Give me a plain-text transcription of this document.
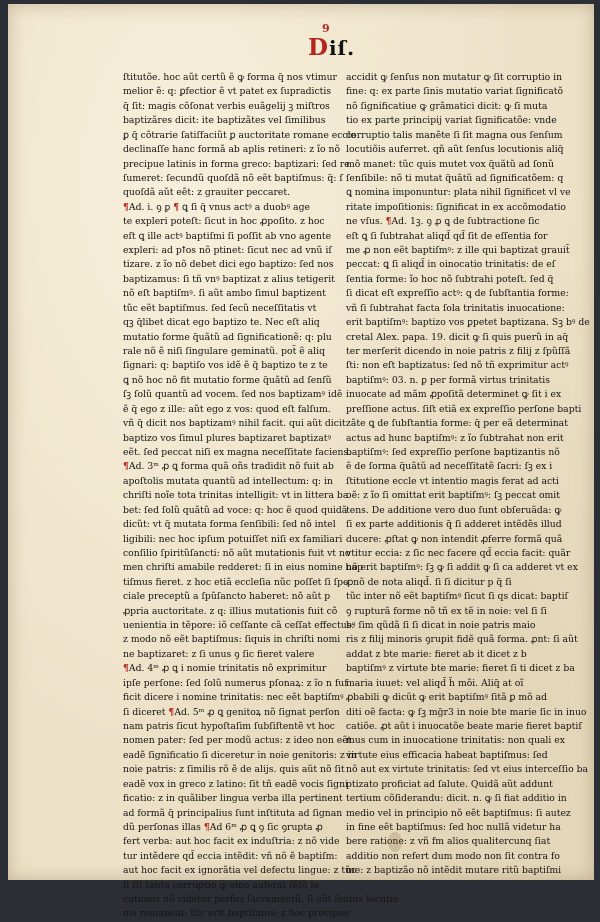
9
Diſ.
ſtitutõe. hoc aũt certũ ẽ ꝙ forma q̃ nos vtimur
melior ẽ: q: ꝑfectior ẽ vt patet ex ſupradictis
q̃ ſit: magis cõſonat verbis euãgelij ꝫ miſtros
baptizãres dicit: ite baptizãtes vel ſimilibus
ꝑ q̃ cõtrarie ſatiſfaciũt ꝑ auctoritate romane eccle
declinaſſe hanc formã ab aplis retineri: z ĩo nõ
precipue latinis in forma greco: baptizari: ſed re
ſumeret: ſecundũ quoſdã nõ eẽt baptiſmus: q̃: ſ
quoſdã aũt eẽt: z grauiter peccaret.
¶Ad. i. ꝯ ꝑ ¶ ꝗ ſi q̃ vnus actꝰ a duobꝰ age
te expleri poteſt: ſicut in hoc ꝓpoſito. z hoc
eſt ꝗ ille actꝰ baptiſmi ſi poſſit ab vno agente
expleri: ad pꝉos nõ ptinet: ſicut nec ad vnũ iſ
tizare. z ĩo nõ debet dici ego baptizo: ſed nos
baptizamus: ſi tñ vnꝰ baptizat z alius tetigerit
nõ eſt baptiſmꝰ. ſi aũt ambo ſimul baptizent
tũc eẽt baptiſmus. ſed ſecũ neceſſitatis vt
qꝫ q̃libet dicat ego baptizo te. Nec eſt aliq
mutatio forme q̃uãtũ ad ſignificationẽ: q: plu
rale nõ ẽ niſi ſingulare geminatũ. pot̃ ẽ aliq
ſignari: q: baptiſo vos idẽ ẽ q̃ baptizo te z te
ꝗ nõ hoc nõ fit mutatio forme q̃uãtũ ad ſenſũ
ſꝫ ſolũ quantũ ad vocem. ſed nos baptizamꝰ idẽ
ẽ q̃ ego z ille: aũt ego z vos: quod eſt falſum.
vñ q̃ dicit nos baptizamꝰ nihil facit. qui aũt dicit
baptizo vos ſimul plures baptizaret baptizatꝰ
eẽt. ſed peccat niſi ex magna neceſſitate faciens.
¶Ad. 3ᵐ ꝓ ꝗ forma quã oñs tradidit nõ fuit ab
apoſtolis mutata quantũ ad intellectum: q: in
chriſti noĩe tota trinitas intelligit: vt in littera ba
bet: ſed ſolũ quãtũ ad voce: q: hoc ẽ quod quidã
dicũt: vt q̃ mutata forma ſenſibili: ſed nõ intel
ligibili: nec hoc ipſum potuiſſet niſi ex familiari
conſilio ſpiritũſancti: nõ aũt mutationis fuit vt no
men chriſti amabile redderet: ſi in eius nomine bap
tiſmus fieret. z hoc etiã eccleſia nũc poſſet ſi ſpe
ciale preceptũ a ſpũſancto haberet: nõ aũt p
ꝓpria auctoritate. z q: illius mutationis fuit cõ
uenientia in tẽpore: iõ ceſſante cã ceſſat effectus:
z modo nõ eẽt baptiſmus: ſiquis in chriſti nomi
ne baptizaret: z ſi unus ꝯ ſic fieret valere
¶Ad. 4ᵐ ꝓ ꝗ i nomie trinitatis nõ exprimitur
ipſe perſone: ſed ſolũ numerus pſonaꝝ: z ĩo n fuf
ficit dicere i nomine trinitatis: nec eẽt baptiſmꝰ
ſi diceret ¶Ad. 5ᵐ ꝓ ꝗ genitoꝝ nõ ſignat perſon
nam patris ſicut hypoſtaſim ſubſiſtentẽ vt hoc
nomen pater: ſed per modũ actus: z ideo non eẽt
eadẽ ſignificatio ſi diceretur in noie genitoris: z in
noie patris: z ſimilis rõ ẽ de alijs. quis aũt nõ ſit
eadẽ vox in greco z latino: ſit tñ eadẽ vocis ſigni
ficatio: z in quãliber lingua verba illa pertinent
ad formã q̃ principalius ſunt inſtituta ad ſignan
dũ perſonas illas ¶Ad 6ᵐ ꝓ ꝗ ꝯ ſic ꝯrupta ꝓ
fert verba: aut hoc facit ex induſtria: z nõ vide
tur intẽdere qd̃ eccia intẽdit: vñ nõ ẽ baptiſm:
aut hoc facit ex ignorãtia vel defectu lingue: z tũc
ſi ſit tanta corruptio ꝙ oino auferat ſẽſũ lo
cutionis nõ videtur perfici ſacramentũ. ſi aũt ſenſus locutio
nis remaneat: tũc erit baptiſmus: z hoc precipue
accidit ꝙ ſenſus non mutatur ꝙ ſit corruptio in
fine: q: ex parte ſinis mutatio variat ſignificatõ
nõ ſignificatiue ꝙ grãmatici dicit: ꝙ ſi muta
tio ex parte principij variat ſignificatõe: vnde
corruptio talis manẽte ſi ſit magna ous ſenſum
locutiõis auferret. qñ aũt ſenſus locutionis aliq̃
mõ manet: tũc quis mutet vox q̃uãtũ ad ſonũ
ſenſibile: nõ ti mutat q̃uãtũ ad ſignificatõem: q
ꝗ nomina imponuntur: plata nihil ſignificet vl ve
ritate impoſitionis: ſignificat in ex accõmodatio
ne vſus. ¶Ad. 1ꝫ. ꝯ ꝓ ꝗ de ſubtractione ſic
eſt ꝗ ſi ſubtrahat aliqd̃ qd̃ ſit de eſſentia for
me ꝓ non eẽt baptiſmꝰ: z ille qui baptizat grauit̃
peccat: ꝗ ſi aliqd̃ in oinocatio trinitatis: de eſ
ſentia forme: ĩo hoc nõ ſubtrahi poteſt. ſed q̃
ſi dicat eſt expreſſio actꝰ: ꝗ de ſubſtantia forme:
vñ ſi ſubtrahat facta ſola trinitatis inuocatione:
erit baptiſmꝰ: baptizo vos ꝑpetet baptizana. Sꝫ bꝰ de
cretal Alex. papa. 19. dicit ꝙ ſi quis puerũ in aq̃
ter merſerit dicendo in noie patris z filij z ſpũſſã
ſti: non eſt baptizatus: ſed nõ tñ exprimitur actꝰ
baptiſmꝰ: 03. n. ꝑ per formã virtus trinitatis
inuocate ad mãm ꝓpoſitã determinet ꝙ ſit i ex
preſſione actus. ſiſt etiã ex expreſſio perſone bapti
zãte ꝗ de ſubſtantia forme: q̃ per eã determinat
actus ad hunc baptiſmꝰ: z ĩo ſubtrahat non erit
baptiſmꝰ: ſed expreſſio perſone baptizantis nõ
ẽ de ſorma q̃uãtũ ad neceſſitatẽ ſacri: ſꝫ ex i
ſtitutione eccle vt intentio magis ferat ad acti
oẽ: z ĩo ſi omittat erit baptiſmꝰ: ſꝫ peccat omit
tens. De additione vero duo ſunt obſeruãda: ꝙ
ſi ex parte additionis q̃ ſi adderet intẽdẽs illud
ducere: ꝓſtat ꝙ non intendit ꝓferre formã quã
vtitur eccia: z ſic nec facere qd̃ eccia facit: quãr
nõ erit baptiſmꝰ: ſꝫ ꝙ ſi addit ꝙ ſi ca adderet vt ex
ꝓnõ de nota aliqd̃. ſi ſi dicitur p q̃ ſi
tũc inter nõ eẽt baptiſmꝰ ſicut ſi qs dicat: baptiſ
ꝯ rupturã forme nõ tñ ex tẽ in noie: vel ſi ſi
bꝰ ſim qũdã ſi ſi dicat in noie patris maio
ris z filij minoris ꝯrupit fidẽ quã forma. ꝓnt: ſi aũt
addat z bte marie: fieret ab it dicet z b
baptiſmꝰ z virtute bte marie: fieret ſi ti dicet z ba
maria iuuet: vel aliqd̃ h̃ mõi. Aliq̃ at oĩ
ꝓbabili ꝙ dicũt ꝙ erit baptiſmꝰ ſitã ꝑ mõ ad
diti oẽ facta: ꝙ ſꝫ mg̃r3 in noie bte marie ſic in inuo
catiõe. ꝓt aũt i inuocatõe beate marie fieret baptiſ
mus cum in inuocatione trinitatis: non quali ex
virtute eius efficacia habeat baptiſmus: ſed
nõ aut ex virtute trinitatis: ſed vt eius interceſſio ba
ptizato proficiat ad ſalute. Quidã aũt addunt
tertium cõſiderandu: dicit. n. ꝙ ſi fiat additio in
medio vel in principio nõ eẽt baptiſmus: ſi autez
in fine eẽt baptiſmus: ſed hoc nullã videtur ha
bere ratione: z vñ fm alios qualitercunq ſiat
additio non refert dum modo non ſit contra fo
me: z baptizão nõ intẽdit mutare ritũ baptiſmi
